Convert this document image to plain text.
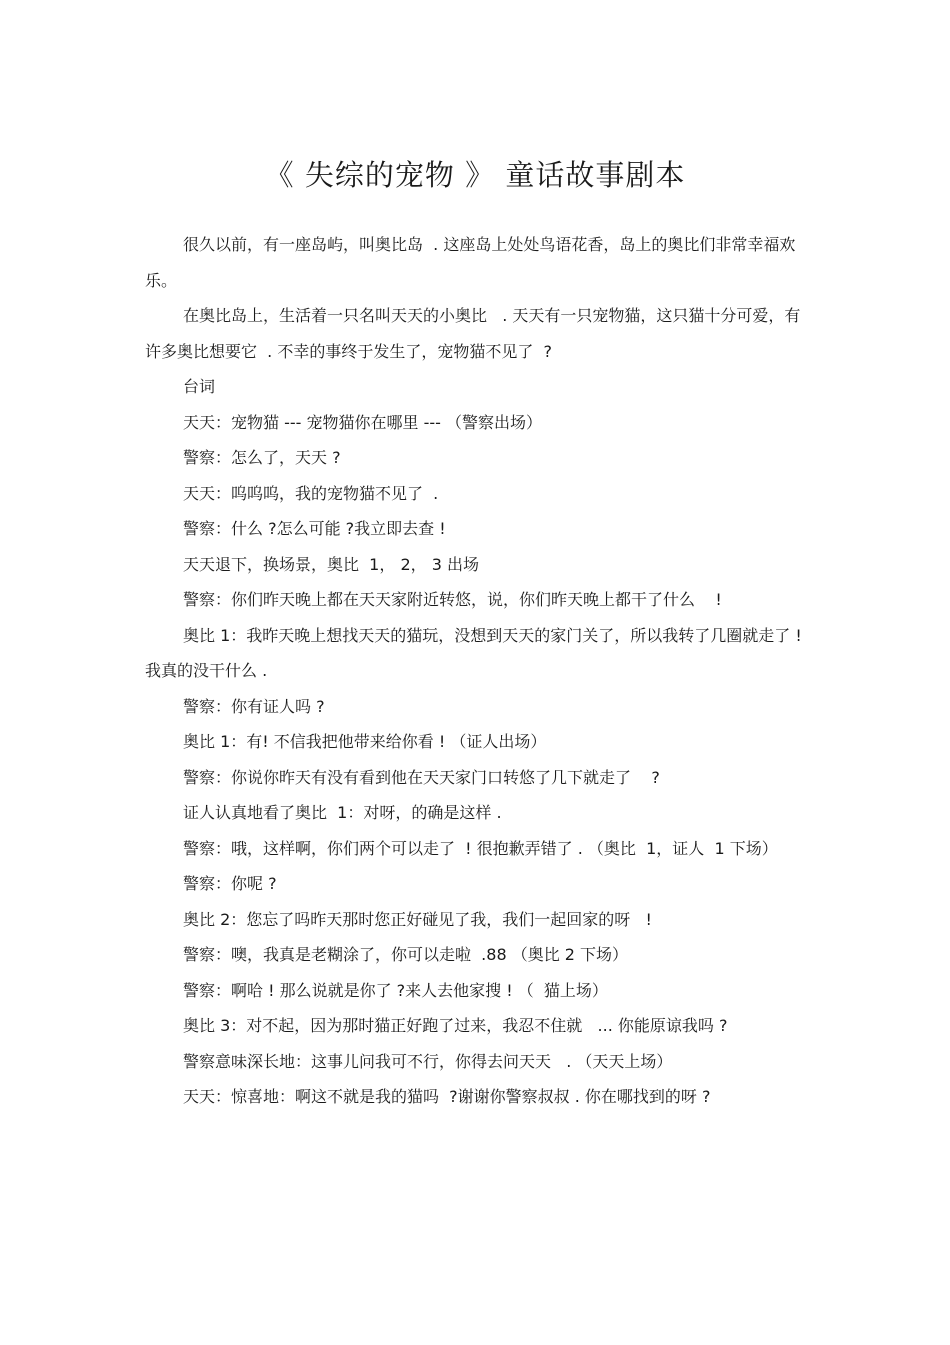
《 失综的宠物 》 童话故事剧本

很久以前，有一座岛屿，叫奥比岛  . 这座岛上处处鸟语花香，岛上的奥比们非常幸福欢乐。

在奥比岛上，生活着一只名叫天天的小奥比   . 天天有一只宠物猫，这只猫十分可爱，有许多奥比想要它  . 不幸的事终于发生了，宠物猫不见了  ?

台词

天天：宠物猫 --- 宠物猫你在哪里 --- （警察出场）

警察：怎么了，天天 ?

天天：呜呜呜，我的宠物猫不见了  .

警察：什么 ?怎么可能 ?我立即去查 !

天天退下，换场景，奥比  1， 2， 3 出场

警察：你们昨天晚上都在天天家附近转悠，说，你们昨天晚上都干了什么    !

奥比 1：我昨天晚上想找天天的猫玩，没想到天天的家门关了，所以我转了几圈就走了 ! 我真的没干什么 .

警察：你有证人吗 ?

奥比 1：有! 不信我把他带来给你看 ! （证人出场）

警察：你说你昨天有没有看到他在天天家门口转悠了几下就走了    ?

证人认真地看了奥比  1：对呀，的确是这样 .

警察：哦，这样啊，你们两个可以走了  ! 很抱歉弄错了 . （奥比  1，证人  1 下场）

警察：你呢 ?

奥比 2：您忘了吗昨天那时您正好碰见了我，我们一起回家的呀   !

警察：噢，我真是老糊涂了，你可以走啦  .88 （奥比 2 下场）

警察：啊哈 ! 那么说就是你了 ?来人去他家搜 ! （  猫上场）

奥比 3：对不起，因为那时猫正好跑了过来，我忍不住就   ... 你能原谅我吗 ?

警察意味深长地：这事儿问我可不行，你得去问天天   . （天天上场）

天天：惊喜地：啊这不就是我的猫吗  ?谢谢你警察叔叔 . 你在哪找到的呀 ?
